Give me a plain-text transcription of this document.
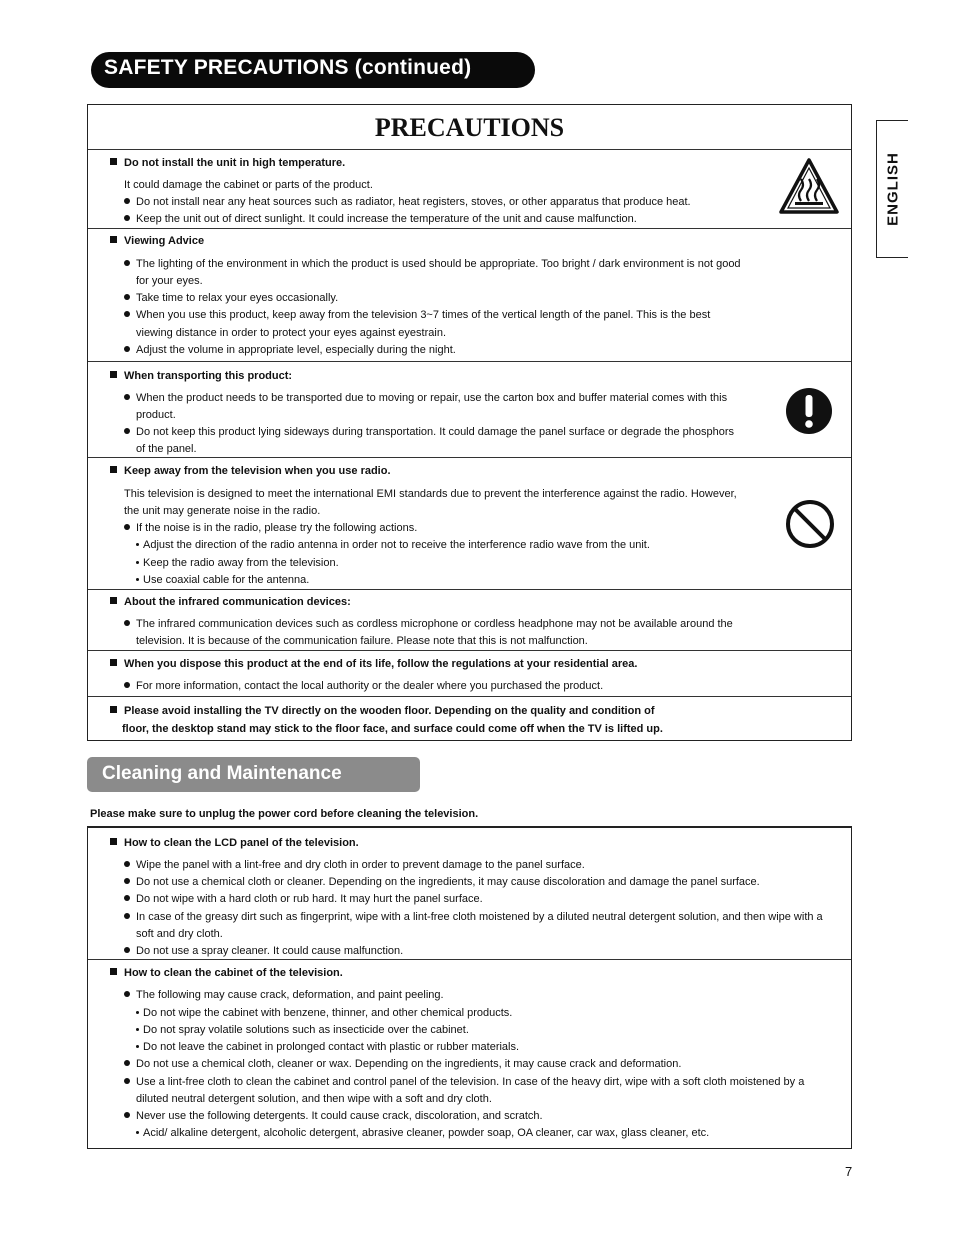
SAFETY PRECAUTIONS (continued)
ENGLISH
PRECAUTIONS
Do not install the unit in high temperature.
It could damage the cabinet or parts of the product.
Do not install near any heat sources such as radiator, heat registers, stoves, or other apparatus that produce heat.
Keep the unit out of direct sunlight. It could increase the temperature of the unit and cause malfunction.
Viewing Advice
The lighting of the environment in which the product is used should be appropriate. Too bright / dark environment is not good
for your eyes.
Take time to relax your eyes occasionally.
When you use this product, keep away from the television 3~7 times of the vertical length of the panel. This is the best
viewing distance in order to protect your eyes against eyestrain.
Adjust the volume in appropriate level, especially during the night.
When transporting this product:
When the product needs to be transported due to moving or repair, use the carton box and buffer material comes with this
product.
Do not keep this product lying sideways during transportation. It could damage the panel surface or degrade the phosphors
of the panel.
Keep away from the television when you use radio.
This television is designed to meet the international EMI standards due to prevent the interference against the radio. However,
the unit may generate noise in the radio.
If the noise is in the radio, please try the following actions.
Adjust the direction of the radio antenna in order not to receive the interference radio wave from the unit.
Keep the radio away from the television.
Use coaxial cable for the antenna.
About the infrared communication devices:
The infrared communication devices such as cordless microphone or cordless headphone may not be available around the
television. It is because of the communication failure. Please note that this is not malfunction.
When you dispose this product at the end of its life, follow the regulations at your residential area.
For more information, contact the local authority or the dealer where you purchased the product.
Please avoid installing the TV directly on the wooden floor. Depending on the quality and condition of
floor, the desktop stand may stick to the floor face, and surface could come off when the TV is lifted up.
Cleaning and Maintenance
Please make sure to unplug the power cord before cleaning the television.
How to clean the LCD panel of the television.
Wipe the panel with a lint-free and dry cloth in order to prevent damage to the panel surface.
Do not use a chemical cloth or cleaner. Depending on the ingredients, it may cause discoloration and damage the panel surface.
Do not wipe with a hard cloth or rub hard. It may hurt the panel surface.
In case of the greasy dirt such as fingerprint, wipe with a lint-free cloth moistened by a diluted neutral detergent solution, and then wipe with a
soft and dry cloth.
Do not use a spray cleaner. It could cause malfunction.
How to clean the cabinet of the television.
The following may cause crack, deformation, and paint peeling.
Do not wipe the cabinet with benzene, thinner, and other chemical products.
Do not spray volatile solutions such as insecticide over the cabinet.
Do not leave the cabinet in prolonged contact with plastic or rubber materials.
Do not use a chemical cloth, cleaner or wax. Depending on the ingredients, it may cause crack and deformation.
Use a lint-free cloth to clean the cabinet and control panel of the television. In case of the heavy dirt, wipe with a soft cloth moistened by a
diluted neutral detergent solution, and then wipe with a soft and dry cloth.
Never use the following detergents. It could cause crack, discoloration, and scratch.
Acid/ alkaline detergent, alcoholic detergent, abrasive cleaner, powder soap, OA cleaner, car wax, glass cleaner, etc.
7
